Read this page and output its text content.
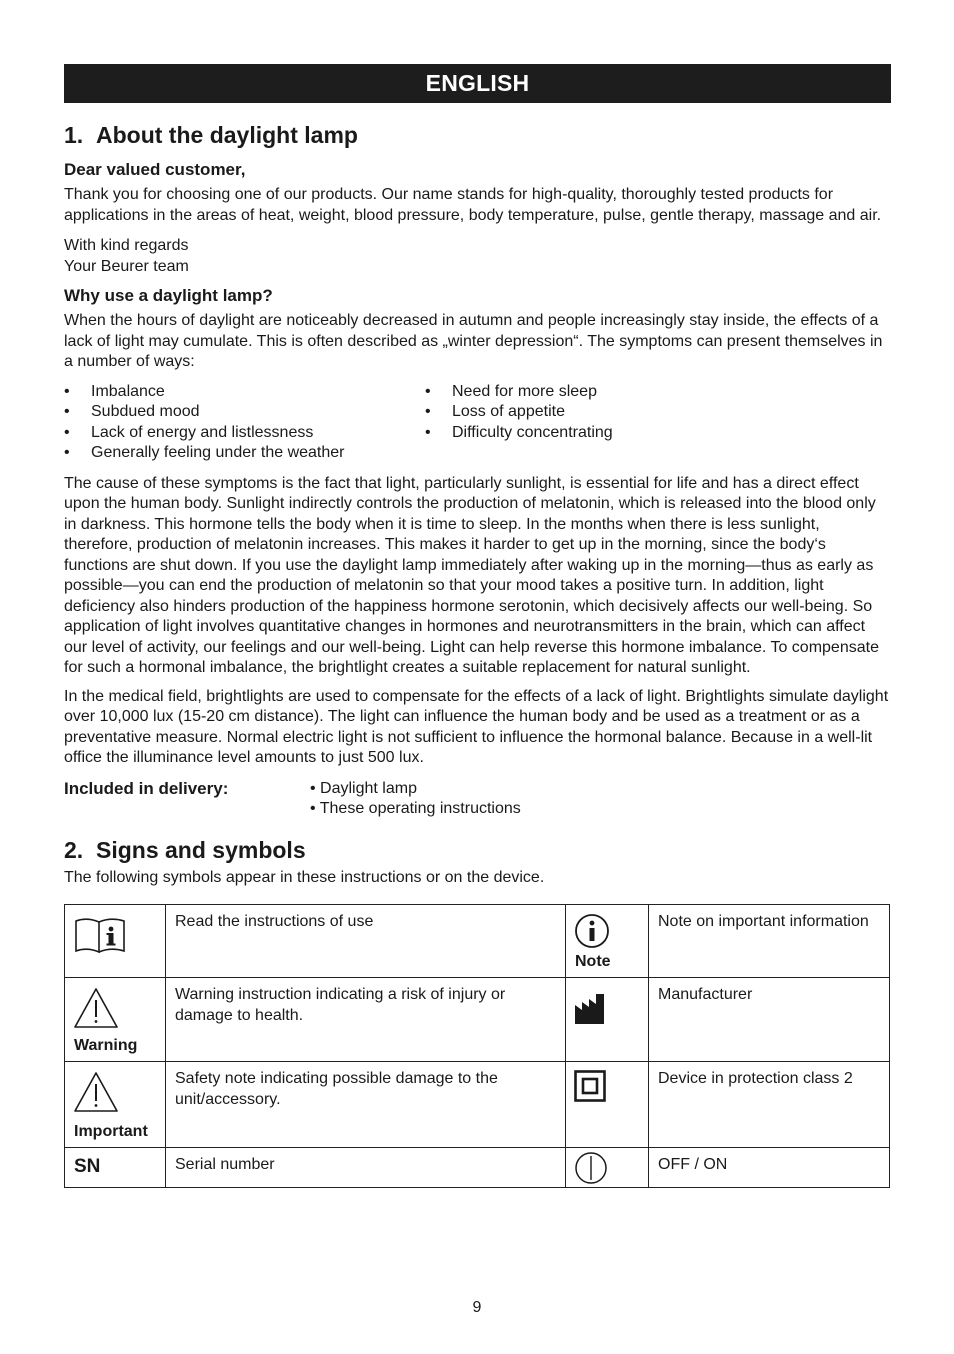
ENGLISH
1. About the daylight lamp
Dear valued customer,

Thank you for choosing one of our products. Our name stands for high-quality, thoroughly tested products for applications in the areas of heat, weight, blood pressure, body temperature, pulse, gentle therapy, massage and air.

With kind regards

Your Beurer team

Why use a daylight lamp?

When the hours of daylight are noticeably decreased in autumn and people increasingly stay inside, the effects of a lack of light may cumulate. This is often described as „winter depression“. The symptoms can present themselves in a number of ways:

• Imbalance
• Subdued mood
• Lack of energy and listlessness
• Generally feeling under the weather
• Need for more sleep
• Loss of appetite
• Difficulty concentrating

The cause of these symptoms is the fact that light, particularly sunlight, is essential for life and has a direct effect upon the human body. Sunlight indirectly controls the production of melatonin, which is released into the blood only in darkness. This hormone tells the body when it is time to sleep. In the months when there is less sunlight, therefore, production of melatonin increases. This makes it harder to get up in the morning, since the body‘s functions are shut down. If you use the daylight lamp immediately after waking up in the morning—thus as early as possible—you can end the production of melatonin so that your mood takes a positive turn. In addition, light deficiency also hinders production of the happiness hormone serotonin, which decisively affects our well-being. So application of light involves quantitative changes in hormones and neurotransmitters in the brain, which can affect our level of activity, our feelings and our well-being. Light can help reverse this hormone imbalance. To compensate for such a hormonal imbalance, the brightlight creates a suitable replacement for natural sunlight.

In the medical field, brightlights are used to compensate for the effects of a lack of light. Brightlights simulate daylight over 10,000 lux (15-20 cm distance). The light can influence the human body and be used as a treatment or as a preventative measure. Normal electric light is not sufficient to influence the hormonal balance. Because in a well-lit office the illuminance level amounts to just 500 lux.

Included in delivery:	• Daylight lamp
• These operating instructions
2. Signs and symbols

The following symbols appear in these instructions or on the device.

	Read the instructions of use	Note	Note on important information

Warning	Warning instruction indicating a risk of injury or damage to health.		Manufacturer

Important	Safety note indicating possible damage to the unit/accessory.		Device in protection class 2

SN	Serial number		OFF / ON
9
